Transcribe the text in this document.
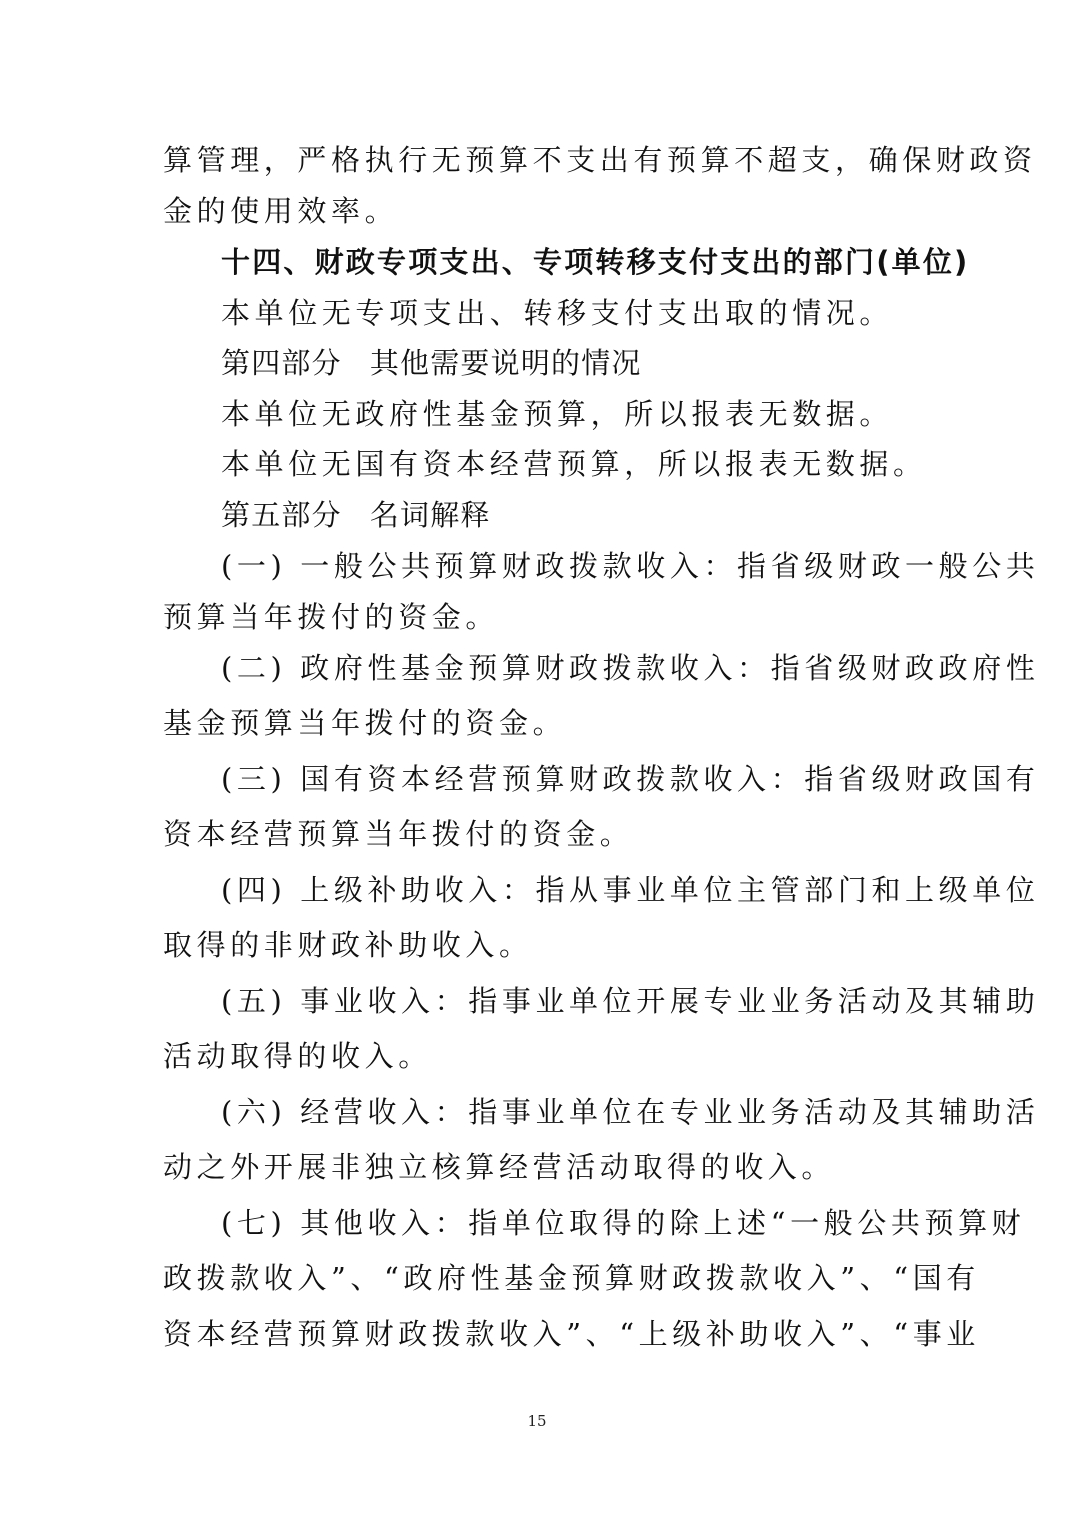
算管理，严格执行无预算不支出有预算不超支，确保财政资
金的使用效率。
十四、财政专项支出、专项转移支付支出的部门(单位)
本单位无专项支出、转移支付支出取的情况。
第四部分 其他需要说明的情况
本单位无政府性基金预算，所以报表无数据。
本单位无国有资本经营预算，所以报表无数据。
第五部分 名词解释
(一) 一般公共预算财政拨款收入：指省级财政一般公共
预算当年拨付的资金。
(二) 政府性基金预算财政拨款收入：指省级财政政府性
基金预算当年拨付的资金。
(三) 国有资本经营预算财政拨款收入：指省级财政国有
资本经营预算当年拨付的资金。
(四) 上级补助收入：指从事业单位主管部门和上级单位
取得的非财政补助收入。
(五) 事业收入：指事业单位开展专业业务活动及其辅助
活动取得的收入。
(六) 经营收入：指事业单位在专业业务活动及其辅助活
动之外开展非独立核算经营活动取得的收入。
(七) 其他收入：指单位取得的除上述“一般公共预算财
政拨款收入”、“政府性基金预算财政拨款收入”、“国有
资本经营预算财政拨款收入”、“上级补助收入”、“事业
15
